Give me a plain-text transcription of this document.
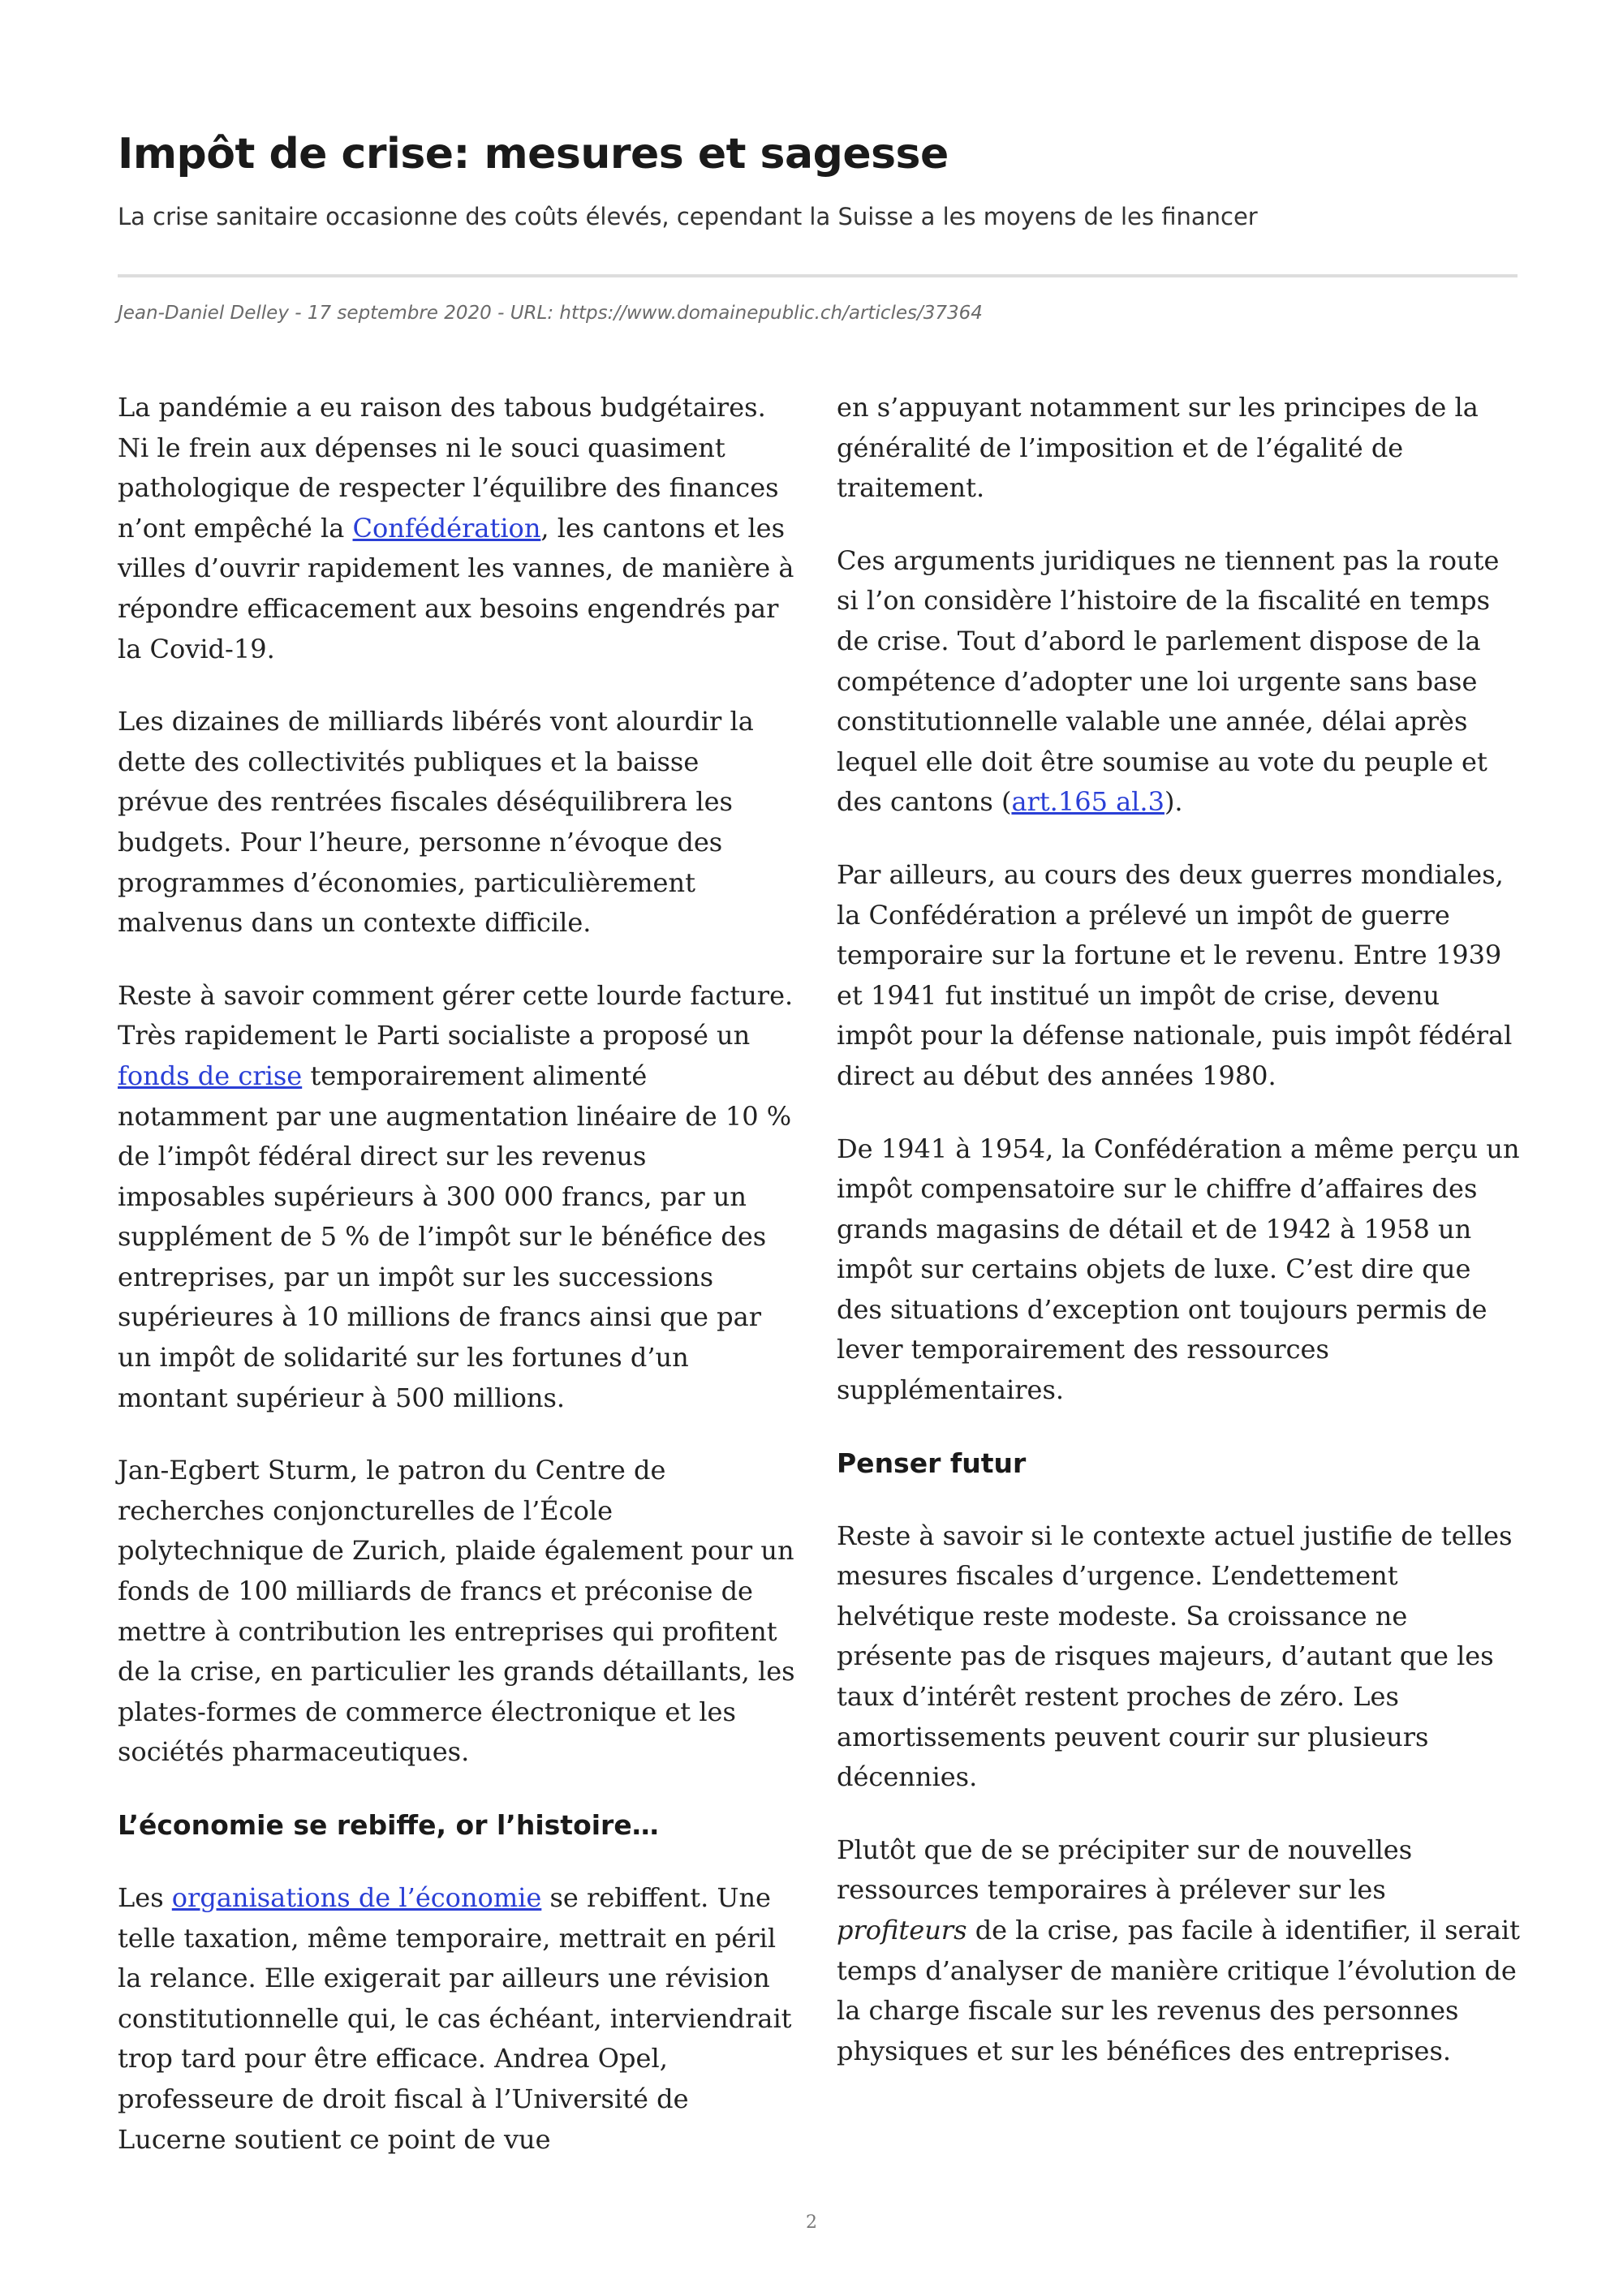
Impôt de crise: mesures et sagesse

La crise sanitaire occasionne des coûts élevés, cependant la Suisse a les moyens de les financer

Jean-Daniel Delley - 17 septembre 2020 - URL: https://www.domainepublic.ch/articles/37364

La pandémie a eu raison des tabous budgétaires. Ni le frein aux dépenses ni le souci quasiment pathologique de respecter l’équilibre des finances n’ont empêché la Confédération, les cantons et les villes d’ouvrir rapidement les vannes, de manière à répondre efficacement aux besoins engendrés par la Covid-19.

Les dizaines de milliards libérés vont alourdir la dette des collectivités publiques et la baisse prévue des rentrées fiscales déséquilibrera les budgets. Pour l’heure, personne n’évoque des programmes d’économies, particulièrement malvenus dans un contexte difficile.

Reste à savoir comment gérer cette lourde facture. Très rapidement le Parti socialiste a proposé un fonds de crise temporairement alimenté notamment par une augmentation linéaire de 10 % de l’impôt fédéral direct sur les revenus imposables supérieurs à 300 000 francs, par un supplément de 5 % de l’impôt sur le bénéfice des entreprises, par un impôt sur les successions supérieures à 10 millions de francs ainsi que par un impôt de solidarité sur les fortunes d’un montant supérieur à 500 millions.

Jan-Egbert Sturm, le patron du Centre de recherches conjoncturelles de l’École polytechnique de Zurich, plaide également pour un fonds de 100 milliards de francs et préconise de mettre à contribution les entreprises qui profitent de la crise, en particulier les grands détaillants, les plates-formes de commerce électronique et les sociétés pharmaceutiques.

L’économie se rebiffe, or l’histoire…

Les organisations de l’économie se rebiffent. Une telle taxation, même temporaire, mettrait en péril la relance. Elle exigerait par ailleurs une révision constitutionnelle qui, le cas échéant, interviendrait trop tard pour être efficace. Andrea Opel, professeure de droit fiscal à l’Université de Lucerne soutient ce point de vue

en s’appuyant notamment sur les principes de la généralité de l’imposition et de l’égalité de traitement.

Ces arguments juridiques ne tiennent pas la route si l’on considère l’histoire de la fiscalité en temps de crise. Tout d’abord le parlement dispose de la compétence d’adopter une loi urgente sans base constitutionnelle valable une année, délai après lequel elle doit être soumise au vote du peuple et des cantons (art.165 al.3).

Par ailleurs, au cours des deux guerres mondiales, la Confédération a prélevé un impôt de guerre temporaire sur la fortune et le revenu. Entre 1939 et 1941 fut institué un impôt de crise, devenu impôt pour la défense nationale, puis impôt fédéral direct au début des années 1980.

De 1941 à 1954, la Confédération a même perçu un impôt compensatoire sur le chiffre d’affaires des grands magasins de détail et de 1942 à 1958 un impôt sur certains objets de luxe. C’est dire que des situations d’exception ont toujours permis de lever temporairement des ressources supplémentaires.

Penser futur

Reste à savoir si le contexte actuel justifie de telles mesures fiscales d’urgence. L’endettement helvétique reste modeste. Sa croissance ne présente pas de risques majeurs, d’autant que les taux d’intérêt restent proches de zéro. Les amortissements peuvent courir sur plusieurs décennies.

Plutôt que de se précipiter sur de nouvelles ressources temporaires à prélever sur les profiteurs de la crise, pas facile à identifier, il serait temps d’analyser de manière critique l’évolution de la charge fiscale sur les revenus des personnes physiques et sur les bénéfices des entreprises.

2
